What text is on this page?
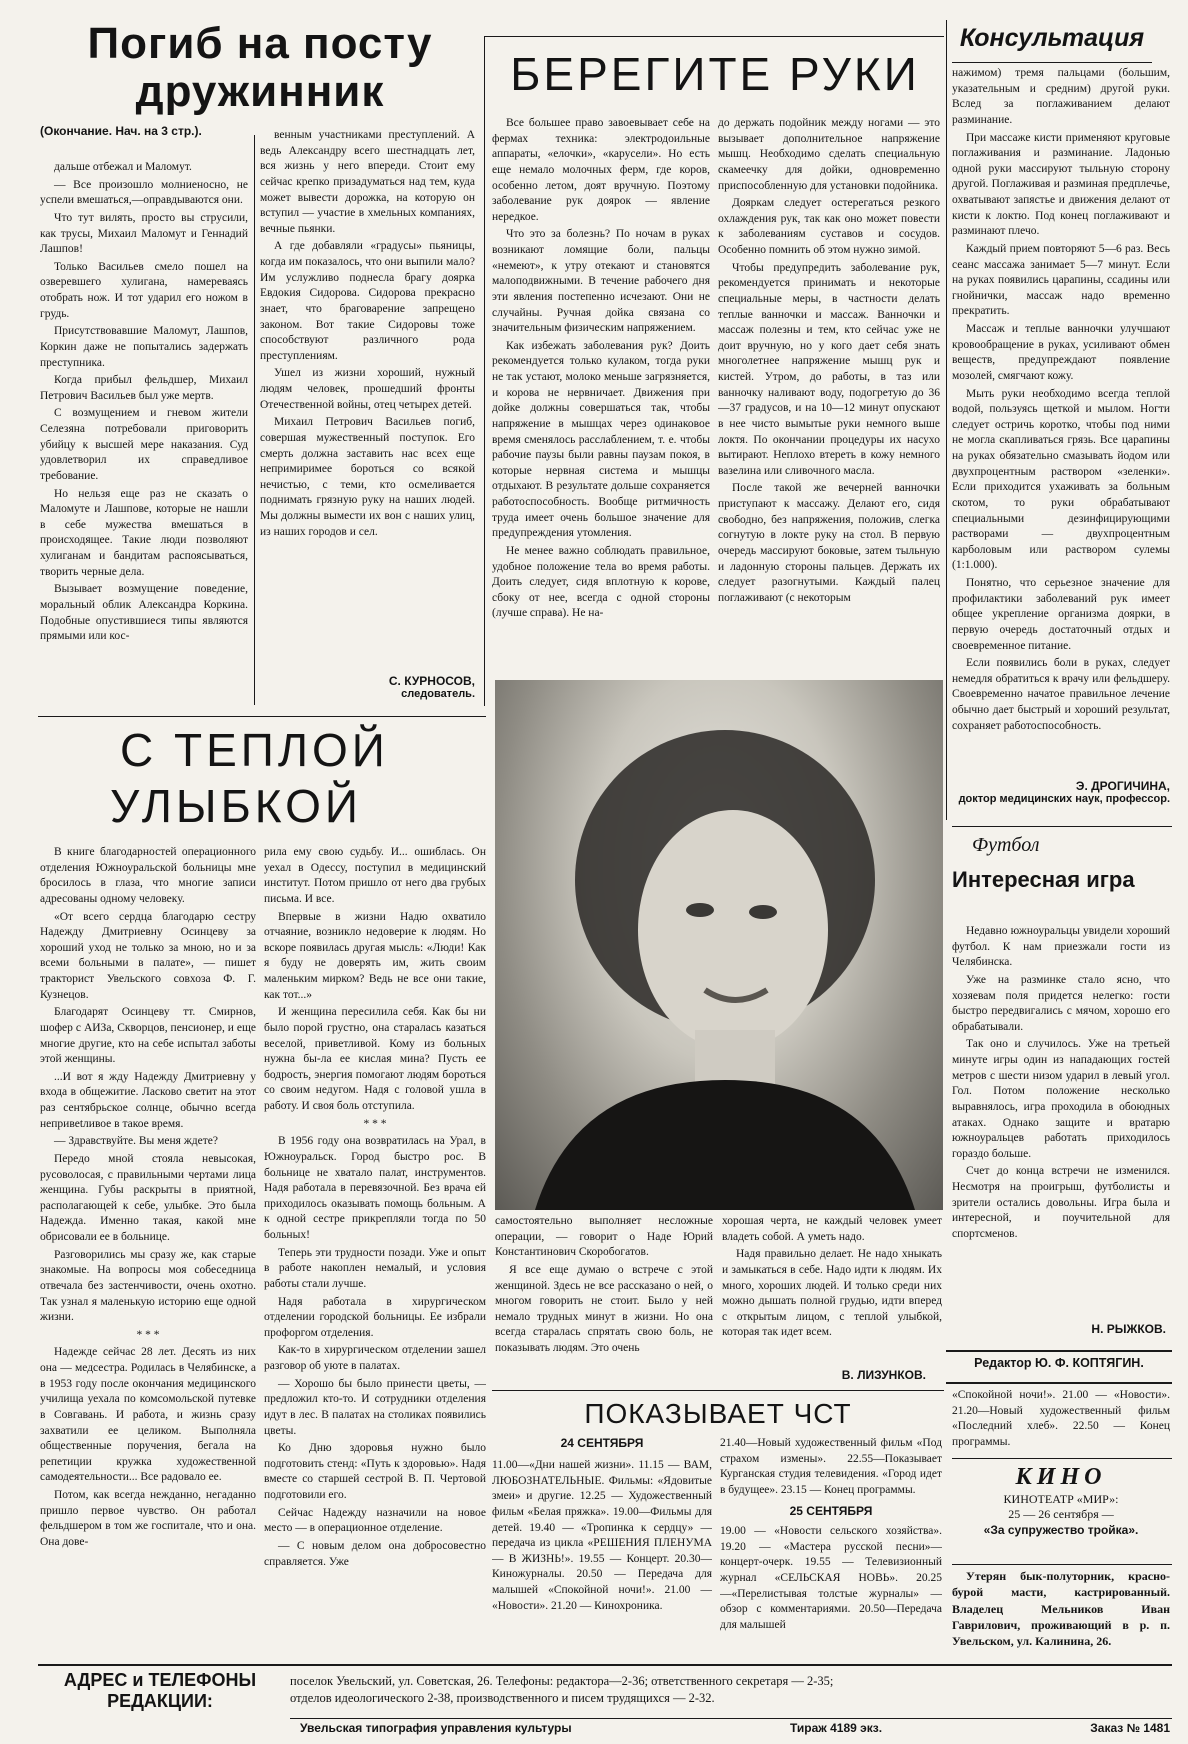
Погиб на посту
дружинник
(Окончание. Нач. на 3 стр.).

дальше отбежал и Маломут.

— Все произошло молниеносно, не успели вмешаться,—оправдываются они.

Что тут вилять, просто вы струсили, как трусы, Михаил Маломут и Геннадий Лашпов!

Только Васильев смело пошел на озверевшего хулигана, намереваясь отобрать нож. И тот ударил его ножом в грудь.

Присутствовавшие Маломут, Лашпов, Коркин даже не попытались задержать преступника.

Когда прибыл фельдшер, Михаил Петрович Васильев был уже мертв.

С возмущением и гневом жители Селезяна потребовали приговорить убийцу к высшей мере наказания. Суд удовлетворил их справедливое требование.

Но нельзя еще раз не сказать о Маломуте и Лашпове, которые не нашли в себе мужества вмешаться в происходящее. Такие люди позволяют хулиганам и бандитам распоясываться, творить черные дела.

Вызывает возмущение поведение, моральный облик Александра Коркина. Подобные опустившиеся типы являются прямыми или кос-

венным участниками преступлений. А ведь Александру всего шестнадцать лет, вся жизнь у него впереди. Стоит ему сейчас крепко призадуматься над тем, куда может вывести дорожка, на которую он вступил — участие в хмельных компаниях, вечные пьянки.

А где добавляли «градусы» пьяницы, когда им показалось, что они выпили мало? Им услужливо поднесла брагу доярка Евдокия Сидорова. Сидорова прекрасно знает, что браговарение запрещено законом. Вот такие Сидоровы тоже способствуют различного рода преступлениям.

Ушел из жизни хороший, нужный людям человек, прошедший фронты Отечественной войны, отец четырех детей.

Михаил Петрович Васильев погиб, совершая мужественный поступок. Его смерть должна заставить нас всех еще непримиримее бороться со всякой нечистью, с теми, кто осмеливается поднимать грязную руку на наших людей. Мы должны вымести их вон с наших улиц, из наших городов и сел.

С. КУРНОСОВ,
следователь.
БЕРЕГИТЕ РУКИ

Все большее право завоевывает себе на фермах техника: электродоильные аппараты, «елочки», «карусели». Но есть еще немало молочных ферм, где коров, особенно летом, доят вручную. Поэтому заболевание рук доярок — явление нередкое.

Что это за болезнь? По ночам в руках возникают ломящие боли, пальцы «немеют», к утру отекают и становятся малоподвижными. В течение рабочего дня эти явления постепенно исчезают. Они не случайны. Ручная дойка связана со значительным физическим напряжением.

Как избежать заболевания рук? Доить рекомендуется только кулаком, тогда руки не так устают, молоко меньше загрязняется, и корова не нервничает. Движения при дойке должны совершаться так, чтобы напряжение в мышцах через одинаковое время сменялось расслаблением, т. е. чтобы рабочие паузы были равны паузам покоя, в которые нервная система и мышцы отдыхают. В результате дольше сохраняется работоспособность. Вообще ритмичность труда имеет очень большое значение для предупреждения утомления.

Не менее важно соблюдать правильное, удобное положение тела во время работы. Доить следует, сидя вплотную к корове, сбоку от нее, всегда с одной стороны (лучше справа). Не на-

до держать подойник между ногами — это вызывает дополнительное напряжение мышц. Необходимо сделать специальную скамеечку для дойки, одновременно приспособленную для установки подойника.

Дояркам следует остерегаться резкого охлаждения рук, так как оно может повести к заболеваниям суставов и сосудов. Особенно помнить об этом нужно зимой.

Чтобы предупредить заболевание рук, рекомендуется принимать и некоторые специальные меры, в частности делать теплые ванночки и массаж. Ванночки и массаж полезны и тем, кто сейчас уже не доит вручную, но у кого дает себя знать многолетнее напряжение мышц рук и кистей. Утром, до работы, в таз или ванночку наливают воду, подогретую до 36—37 градусов, и на 10—12 минут опускают в нее чисто вымытые руки немного выше локтя. По окончании процедуры их насухо вытирают. Неплохо втереть в кожу немного вазелина или сливочного масла.

После такой же вечерней ванночки приступают к массажу. Делают его, сидя свободно, без напряжения, положив, слегка согнутую в локте руку на стол. В первую очередь массируют боковые, затем тыльную и ладонную стороны пальцев. Держать их следует разогнутыми. Каждый палец поглаживают (с некоторым

Консультация

нажимом) тремя пальцами (большим, указательным и средним) другой руки. Вслед за поглаживанием делают разминание.

При массаже кисти применяют круговые поглаживания и разминание. Ладонью одной руки массируют тыльную сторону другой. Поглаживая и разминая предплечье, охватывают запястье и движения делают от кисти к локтю. Под конец поглаживают и разминают плечо.

Каждый прием повторяют 5—6 раз. Весь сеанс массажа занимает 5—7 минут. Если на руках появились царапины, ссадины или гнойнички, массаж надо временно прекратить.

Массаж и теплые ванночки улучшают кровообращение в руках, усиливают обмен веществ, предупреждают появление мозолей, смягчают кожу.

Мыть руки необходимо всегда теплой водой, пользуясь щеткой и мылом. Ногти следует остричь коротко, чтобы под ними не могла скапливаться грязь. Все царапины на руках обязательно смазывать йодом или двухпроцентным раствором «зеленки». Если приходится ухаживать за больным скотом, то руки обрабатывают специальными дезинфицирующими растворами — двухпроцентным карболовым или раствором сулемы (1:1.000).

Понятно, что серьезное значение для профилактики заболеваний рук имеет общее укрепление организма доярки, в первую очередь достаточный отдых и своевременное питание.

Если появились боли в руках, следует немедля обратиться к врачу или фельдшеру. Своевременно начатое правильное лечение обычно дает быстрый и хороший результат, сохраняет работоспособность.

Э. ДРОГИЧИНА,
доктор медицинских наук, профессор.
Футбол
Интересная игра

Недавно южноуральцы увидели хороший футбол. К нам приезжали гости из Челябинска.

Уже на разминке стало ясно, что хозяевам поля придется нелегко: гости быстро передвигались с мячом, хорошо его обрабатывали.

Так оно и случилось. Уже на третьей минуте игры один из нападающих гостей метров с шести низом ударил в левый угол. Гол. Потом положение несколько выравнялось, игра проходила в обоюдных атаках. Однако защите и вратарю южноуральцев работать приходилось гораздо больше.

Счет до конца встречи не изменился. Несмотря на проигрыш, футболисты и зрители остались довольны. Игра была и интересной, и поучительной для спортсменов.

Н. РЫЖКОВ.
Редактор Ю. Ф. КОПТЯГИН.
С ТЕПЛОЙ
УЛЫБКОЙ

В книге благодарностей операционного отделения Южноуральской больницы мне бросилось в глаза, что многие записи адресованы одному человеку.

«От всего сердца благодарю сестру Надежду Дмитриевну Осинцеву за хороший уход не только за мною, но и за всеми больными в палате», — пишет тракторист Увельского совхоза Ф. Г. Кузнецов.

Благодарят Осинцеву тт. Смирнов, шофер с АИЗа, Скворцов, пенсионер, и еще многие другие, кто на себе испытал заботы этой женщины.

...И вот я жду Надежду Дмитриевну у входа в общежитие. Ласково светит на этот раз сентябрьское солнце, обычно всегда непривetливое в такое время.

— Здравствуйте. Вы меня ждете?

Передо мной стояла невысокая, русоволосая, с правильными чертами лица женщина. Губы раскрыты в приятной, располагающей к себе, улыбке. Это была Надежда. Именно такая, какой мне обрисовали ее в больнице.

Разговорились мы сразу же, как старые знакомые. На вопросы моя собеседница отвечала без застенчивости, очень охотно. Так узнал я маленькую историю еще одной жизни.

* * *

Надежде сейчас 28 лет. Десять из них она — медсестра. Родилась в Челябинске, а в 1953 году после окончания медицинского училища уехала по комсомольской путевке в Совгавань. И работа, и жизнь сразу захватили ее целиком. Выполняла общественные поручения, бегала на репетиции кружка художественной самодеятельности... Все радовало ее.

Потом, как всегда нежданно, негаданно пришло первое чувство. Он работал фельдшером в том же госпитале, что и она. Она дове-

рила ему свою судьбу. И... ошиблась. Он уехал в Одессу, поступил в медицинский институт. Потом пришло от него два грубых письма. И все.

Впервые в жизни Надю охватило отчаяние, возникло недоверие к людям. Но вскоре появилась другая мысль: «Люди! Как я буду не доверять им, жить своим маленьким мирком? Ведь не все они такие, как тот...»

И женщина пересилила себя. Как бы ни было порой грустно, она старалась казаться веселой, приветливой. Кому из больных нужна бы-ла ее кислая мина? Пусть ее бодрость, энергия помогают людям бороться со своим недугом. Надя с головой ушла в работу. И своя боль отступила.

* * *

В 1956 году она возвратилась на Урал, в Южноуральск. Город быстро рос. В больнице не хватало палат, инструментов. Надя работала в перевязочной. Без врача ей приходилось оказывать помощь больным. А к одной сестре прикрепляли тогда по 50 больных!

Теперь эти трудности позади. Уже и опыт в работе накоплен немалый, и условия работы стали лучше.

Надя работала в хирургическом отделении городской больницы. Ее избрали профоргом отделения.

Как-то в хирургическом отделении зашел разговор об уюте в палатах.

— Хорошо бы было принести цветы, — предложил кто-то. И сотрудники отделения идут в лес. В палатах на столиках появились цветы.

Ко Дню здоровья нужно было подготовить стенд: «Путь к здоровью». Надя вместе со старшей сестрой В. П. Чертовой подготовили его.

Сейчас Надежду назначили на новое место — в операционное отделение.

— С новым делом она добросовестно справляется. Уже

самостоятельно выполняет несложные операции, — говорит о Наде Юрий Константинович Скоробогатов.

Я все еще думаю о встрече с этой женщиной. Здесь не все рассказано о ней, о многом говорить не стоит. Было у ней немало трудных минут в жизни. Но она всегда старалась спрятать свою боль, не показывать людям. Это очень

хорошая черта, не каждый человек умеет владеть собой. А уметь надо.

Надя правильно делает. Не надо хныкать и замыкаться в себе. Надо идти к людям. Их много, хороших людей. И только среди них можно дышать полной грудью, идти вперед с открытым лицом, с теплой улыбкой, которая так идет всем.

В. ЛИЗУНКОВ.
ПОКАЗЫВАЕТ ЧСТ
24 СЕНТЯБРЯ

11.00—«Дни нашей жизни». 11.15 — ВАМ, ЛЮБОЗНАТЕЛЬНЫЕ. Фильмы: «Ядовитые змеи» и другие. 12.25 — Художественный фильм «Белая пряжка». 19.00—Фильмы для детей. 19.40 — «Тропинка к сердцу» — передача из цикла «РЕШЕНИЯ ПЛЕНУМА — В ЖИЗНЬ!». 19.55 — Концерт. 20.30—Киножурналы. 20.50 — Передача для малышей «Спокойной ночи!». 21.00 — «Новости». 21.20 — Кинохроника.

21.40—Новый художественный фильм «Под страхом измены». 22.55—Показывает Курганская студия телевидения. «Город идет в будущее». 23.15 — Конец программы.

25 СЕНТЯБРЯ

19.00 — «Новости сельского хозяйства». 19.20 — «Мастера русской песни»—концерт-очерк. 19.55 — Телевизионный журнал «СЕЛЬСКАЯ НОВЬ». 20.25—«Перелистывая толстые журналы» — обзор с комментариями. 20.50—Передача для малышей

«Спокойной ночи!». 21.00 — «Новости». 21.20—Новый художественный фильм «Последний хлеб». 22.50 — Конец программы.

КИНО
КИНОТЕАТР «МИР»:
25 — 26 сентября —
«За супружество тройка».

Утерян бык-полуторник, красно-бурой масти, кастрированный. Владелец Мельников Иван Гаврилович, проживающий в р. п. Увельском, ул. Калинина, 26.

АДРЕС и ТЕЛЕФОНЫ
РЕДАКЦИИ:
поселок Увельский, ул. Советская, 26. Телефоны: редактора—2-36; ответственного секретаря — 2-35;
отделов идеологического 2-38, производственного и писем трудящихся — 2-32.
Увельская типография управления культуры	Тираж 4189 экз.	Заказ № 1481
